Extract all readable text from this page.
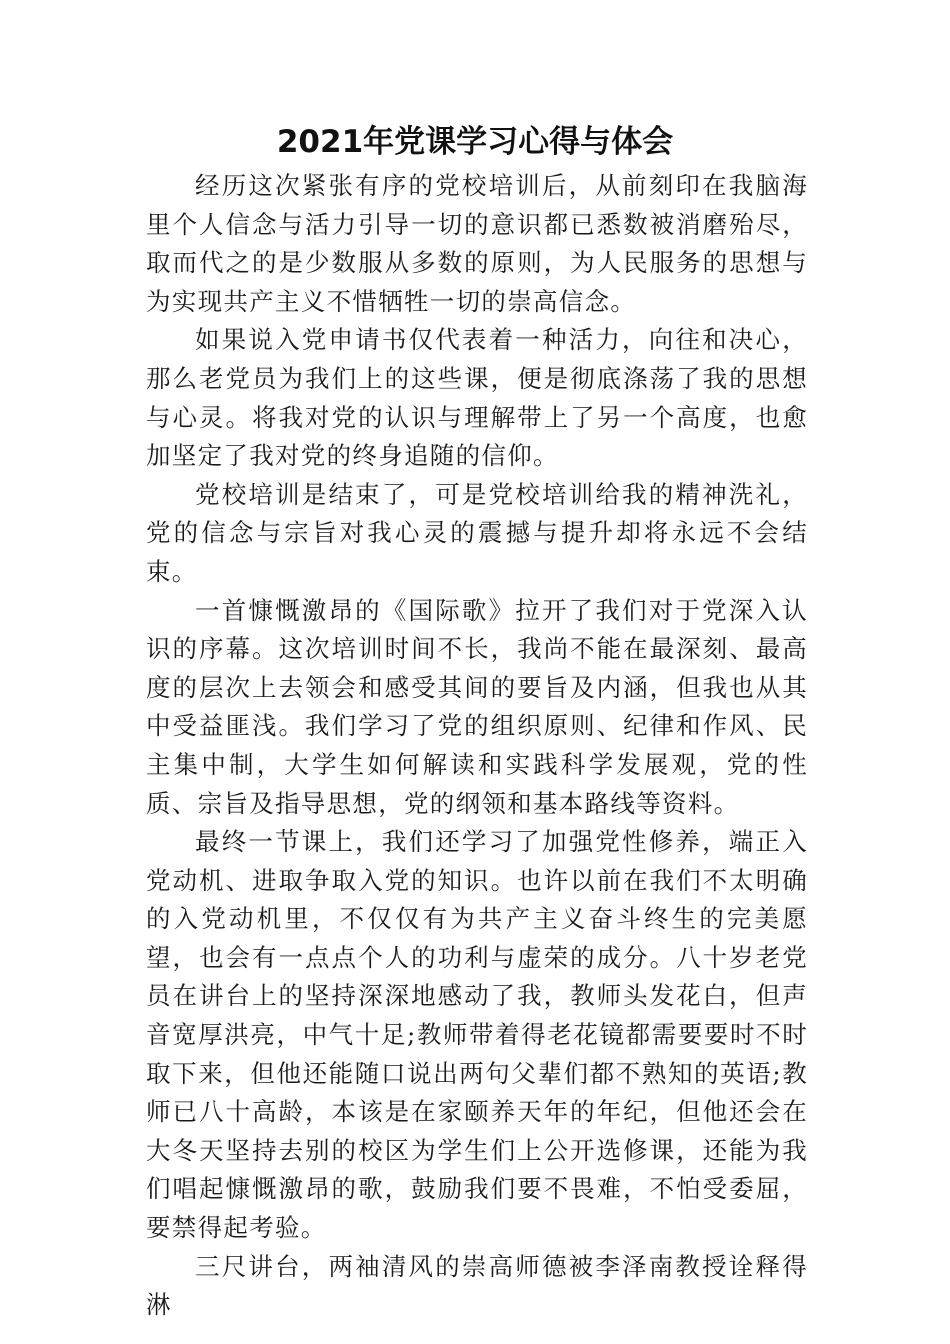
2021年党课学习心得与体会

经历这次紧张有序的党校培训后，从前刻印在我脑海里个人信念与活力引导一切的意识都已悉数被消磨殆尽，取而代之的是少数服从多数的原则，为人民服务的思想与为实现共产主义不惜牺牲一切的崇高信念。

如果说入党申请书仅代表着一种活力，向往和决心，那么老党员为我们上的这些课，便是彻底涤荡了我的思想与心灵。将我对党的认识与理解带上了另一个高度，也愈加坚定了我对党的终身追随的信仰。

党校培训是结束了，可是党校培训给我的精神洗礼，党的信念与宗旨对我心灵的震撼与提升却将永远不会结束。

一首慷慨激昂的《国际歌》拉开了我们对于党深入认识的序幕。这次培训时间不长，我尚不能在最深刻、最高度的层次上去领会和感受其间的要旨及内涵，但我也从其中受益匪浅。我们学习了党的组织原则、纪律和作风、民主集中制，大学生如何解读和实践科学发展观，党的性质、宗旨及指导思想，党的纲领和基本路线等资料。

最终一节课上，我们还学习了加强党性修养，端正入党动机、进取争取入党的知识。也许以前在我们不太明确的入党动机里，不仅仅有为共产主义奋斗终生的完美愿望，也会有一点点个人的功利与虚荣的成分。八十岁老党员在讲台上的坚持深深地感动了我，教师头发花白，但声音宽厚洪亮，中气十足;教师带着得老花镜都需要要时不时取下来，但他还能随口说出两句父辈们都不熟知的英语;教师已八十高龄，本该是在家颐养天年的年纪，但他还会在大冬天坚持去别的校区为学生们上公开选修课，还能为我们唱起慷慨激昂的歌，鼓励我们要不畏难，不怕受委屈，要禁得起考验。

三尺讲台，两袖清风的崇高师德被李泽南教授诠释得淋
